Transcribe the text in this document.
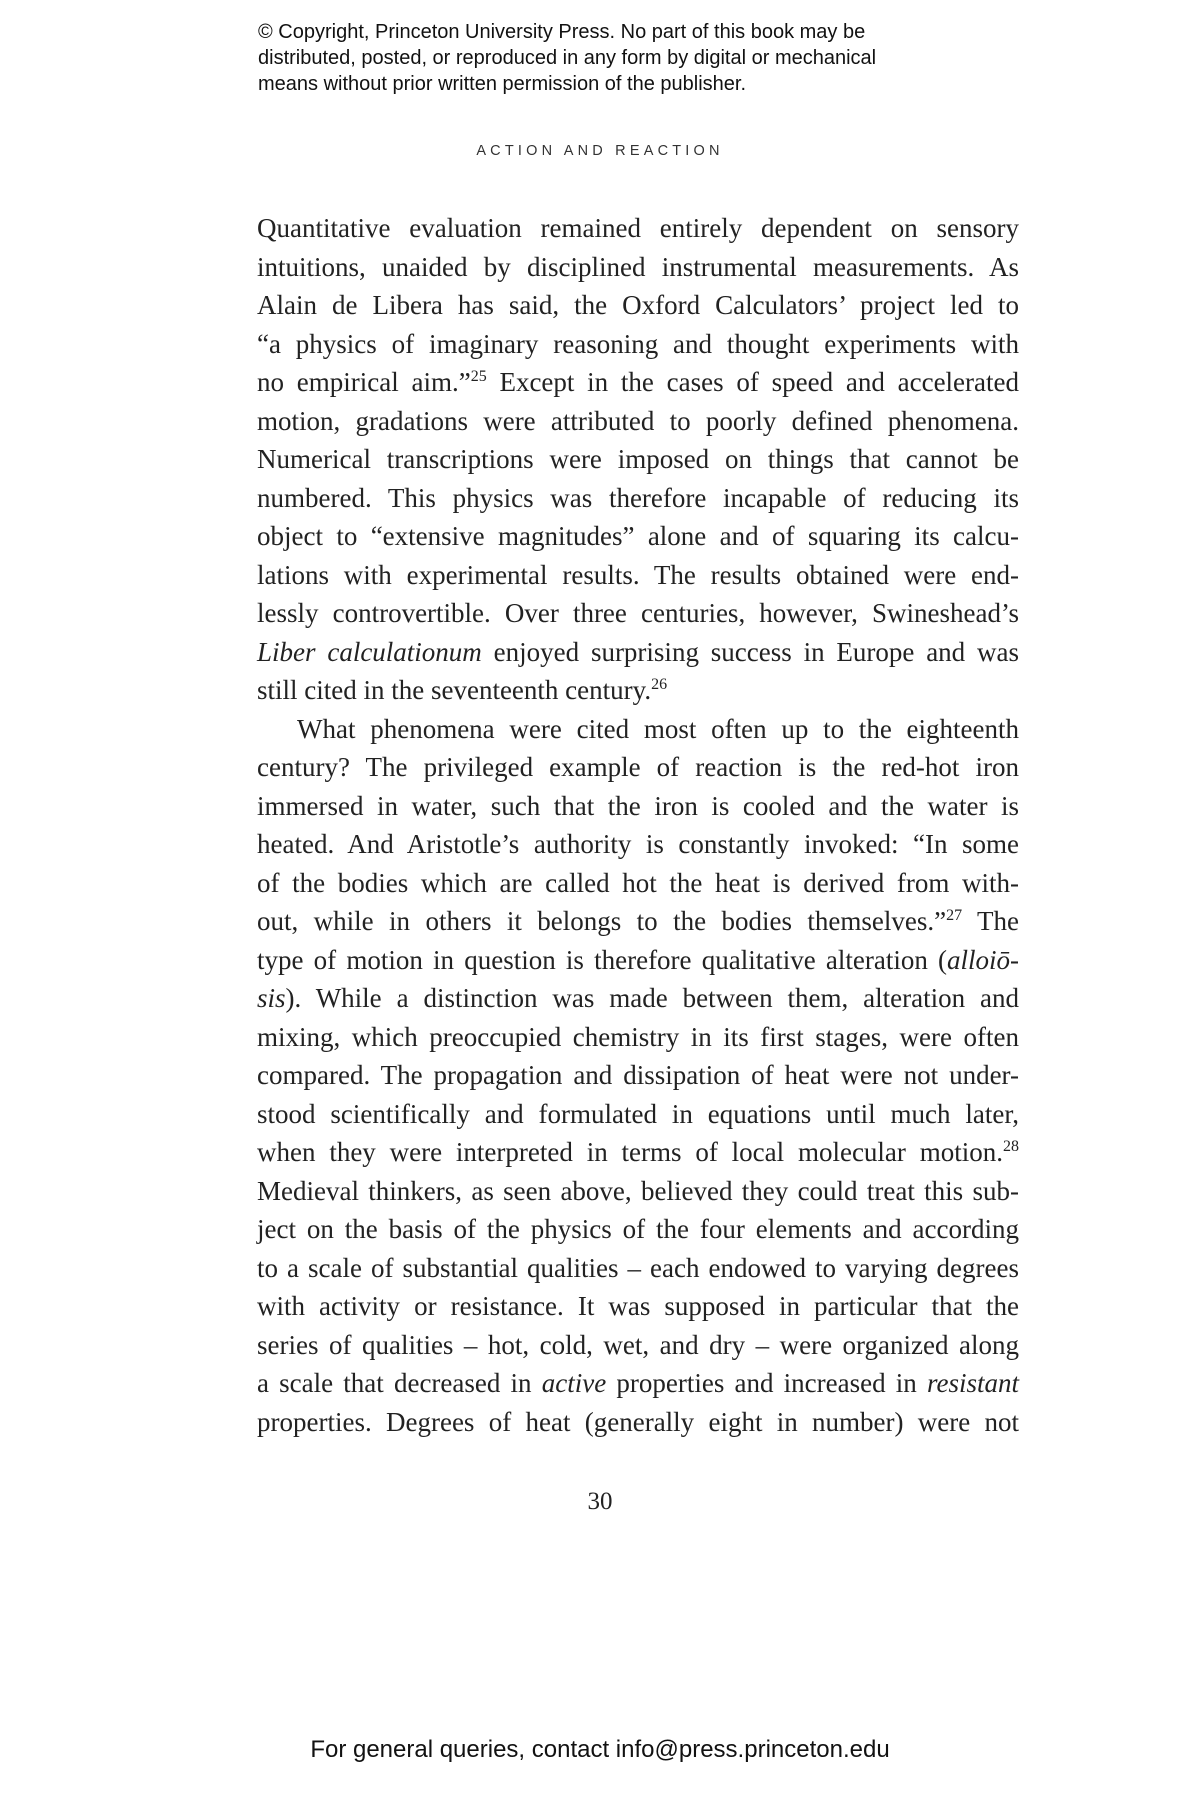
© Copyright, Princeton University Press. No part of this book may be
distributed, posted, or reproduced in any form by digital or mechanical
means without prior written permission of the publisher.
ACTION AND REACTION
Quantitative evaluation remained entirely dependent on sensory
intuitions, unaided by disciplined instrumental measurements. As
Alain de Libera has said, the Oxford Calculators’ project led to
“a physics of imaginary reasoning and thought experiments with
no empirical aim.”$^{25}$ Except in the cases of speed and accelerated
motion, gradations were attributed to poorly defined phenomena.
Numerical transcriptions were imposed on things that cannot be
numbered. This physics was therefore incapable of reducing its
object to “extensive magnitudes” alone and of squaring its calcu-
lations with experimental results. The results obtained were end-
lessly controvertible. Over three centuries, however, Swineshead’s
Liber calculationum enjoyed surprising success in Europe and was
still cited in the seventeenth century.$^{26}$
What phenomena were cited most often up to the eighteenth
century? The privileged example of reaction is the red-hot iron
immersed in water, such that the iron is cooled and the water is
heated. And Aristotle’s authority is constantly invoked: “In some
of the bodies which are called hot the heat is derived from with-
out, while in others it belongs to the bodies themselves.”$^{27}$ The
type of motion in question is therefore qualitative alteration (alloiō-
sis). While a distinction was made between them, alteration and
mixing, which preoccupied chemistry in its first stages, were often
compared. The propagation and dissipation of heat were not under-
stood scientifically and formulated in equations until much later,
when they were interpreted in terms of local molecular motion.$^{28}$
Medieval thinkers, as seen above, believed they could treat this sub-
ject on the basis of the physics of the four elements and according
to a scale of substantial qualities – each endowed to varying degrees
with activity or resistance. It was supposed in particular that the
series of qualities – hot, cold, wet, and dry – were organized along
a scale that decreased in active properties and increased in resistant
properties. Degrees of heat (generally eight in number) were not
30
For general queries, contact info@press.princeton.edu
